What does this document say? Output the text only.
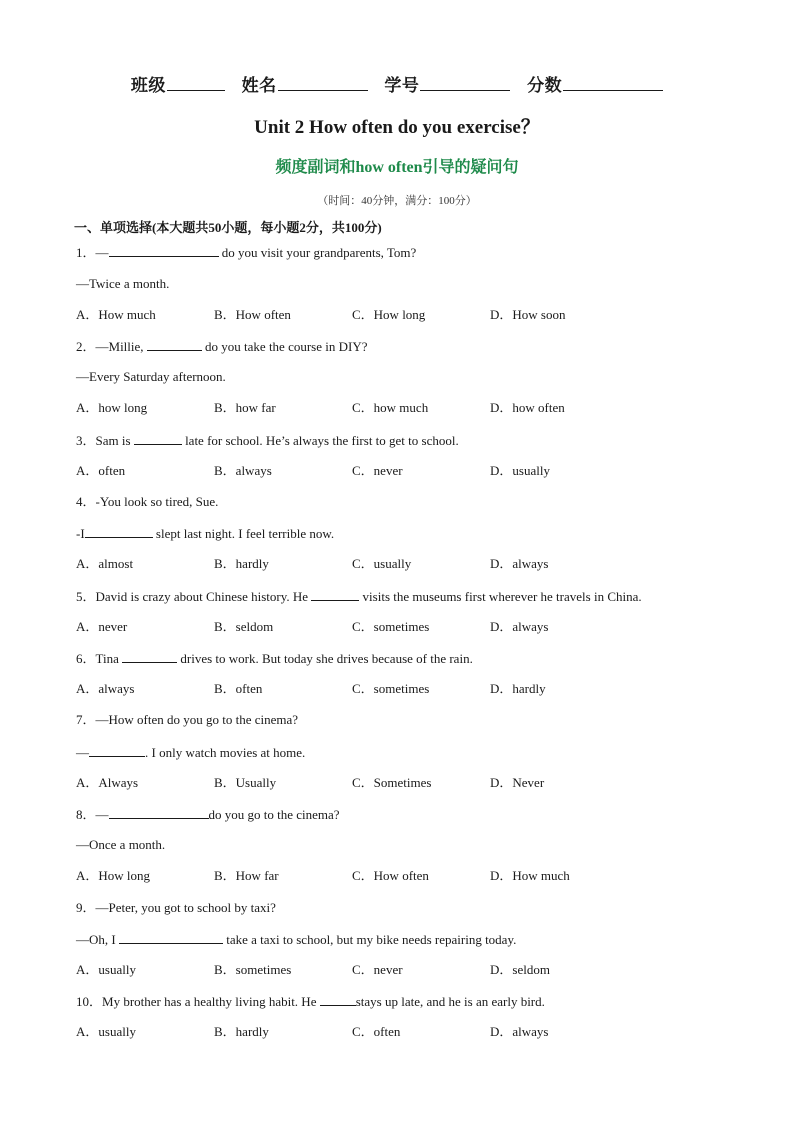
班级	姓名	学号	分数
Unit 2 How often do you exercise？
频度副词和how often引导的疑问句
（时间：40分钟，满分：100分）
一、单项选择(本大题共50小题，每小题2分，共100分)
1．—	do you visit your grandparents, Tom?
—Twice a month.
A．How much	B．How often	C．How long	D．How soon
2．—Millie,	do you take the course in DIY?
—Every Saturday afternoon.
A．how long	B．how far	C．how much	D．how often
3．Sam is	late for school. He’s always the first to get to school.
A．often	B．always	C．never	D．usually
4．-You look so tired, Sue.
-I	slept last night. I feel terrible now.
A．almost	B．hardly	C．usually	D．always
5．David is crazy about Chinese history. He	visits the museums first wherever he travels in China.
A．never	B．seldom	C．sometimes	D．always
6．Tina	drives to work. But today she drives because of the rain.
A．always	B．often	C．sometimes	D．hardly
7．—How often do you go to the cinema?
—	. I only watch movies at home.
A．Always	B．Usually	C．Sometimes	D．Never
8．—	do you go to the cinema?
—Once a month.
A．How long	B．How far	C．How often	D．How much
9．—Peter, you got to school by taxi?
—Oh, I	take a taxi to school, but my bike needs repairing today.
A．usually	B．sometimes	C．never	D．seldom
10．My brother has a healthy living habit. He	stays up late, and he is an early bird.
A．usually	B．hardly	C．often	D．always
